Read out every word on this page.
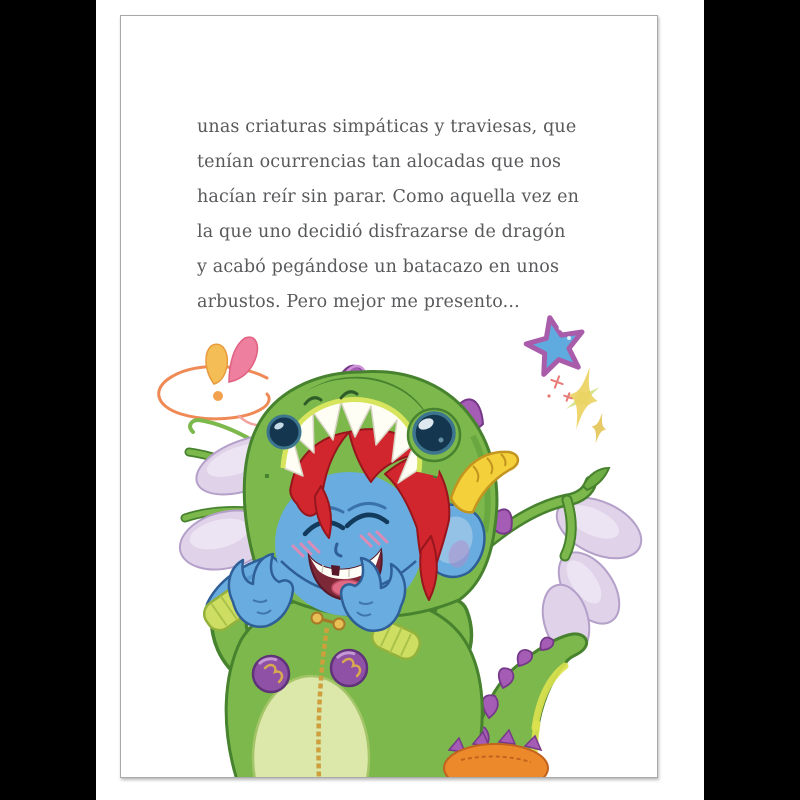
unas criaturas simpáticas y traviesas, que
tenían ocurrencias tan alocadas que nos
hacían reír sin parar. Como aquella vez en
la que uno decidió disfrazarse de dragón
y acabó pegándose un batacazo en unos
arbustos. Pero mejor me presento...
